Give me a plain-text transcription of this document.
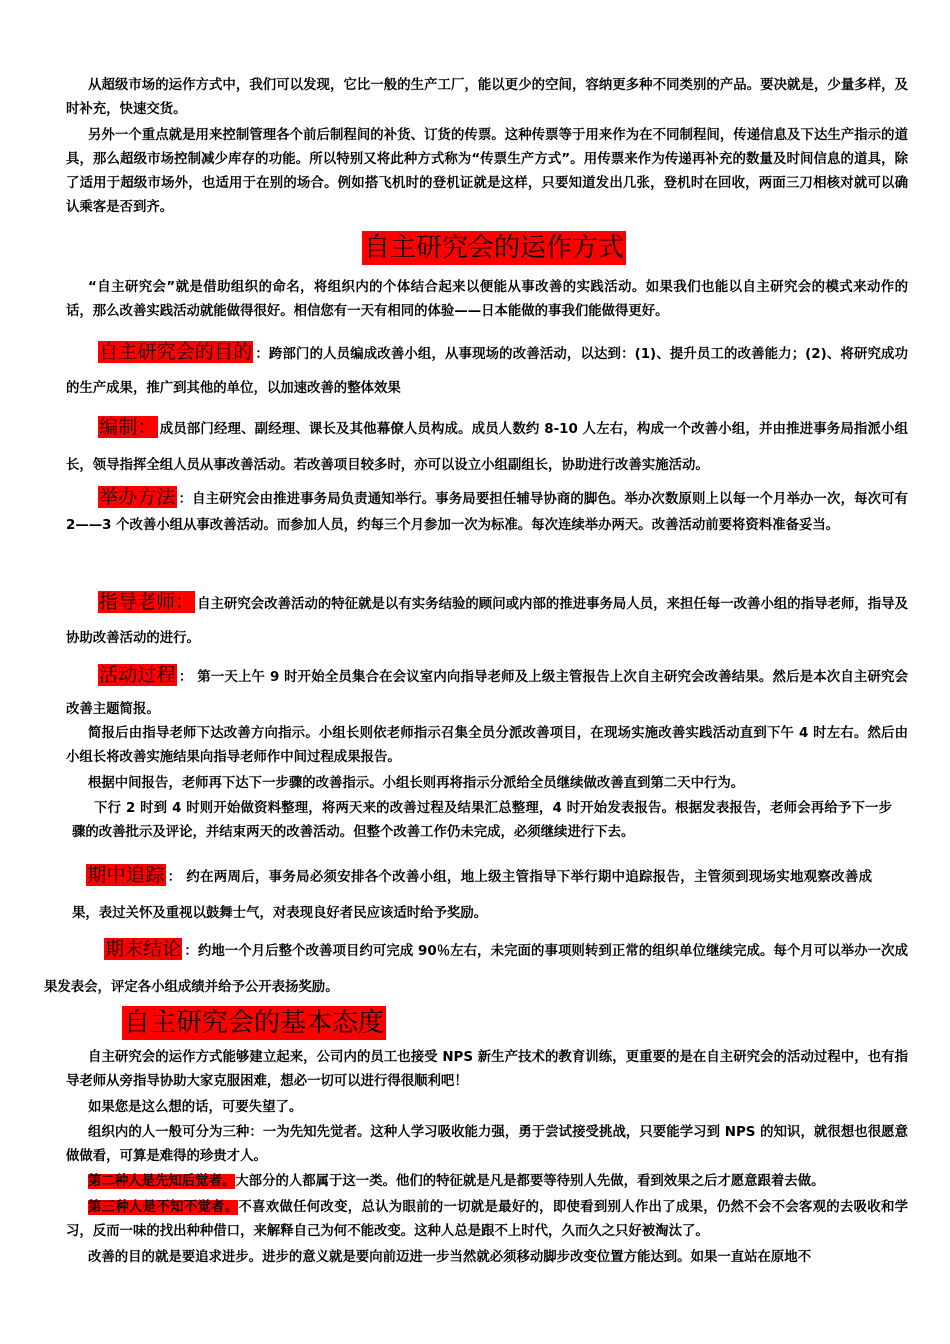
从超级市场的运作方式中，我们可以发现，它比一般的生产工厂，能以更少的空间，容纳更多种不同类别的产品。要决就是，少量多样，及时补充，快速交货。

另外一个重点就是用来控制管理各个前后制程间的补货、订货的传票。这种传票等于用来作为在不同制程间，传递信息及下达生产指示的道具，那么超级市场控制减少库存的功能。所以特别又将此种方式称为“传票生产方式”。用传票来作为传递再补充的数量及时间信息的道具，除了适用于超级市场外，也适用于在别的场合。例如搭飞机时的登机证就是这样，只要知道发出几张，登机时在回收，两面三刀相核对就可以确认乘客是否到齐。

自主研究会的运作方式

“自主研究会”就是借助组织的命名，将组织内的个体结合起来以便能从事改善的实践活动。如果我们也能以自主研究会的模式来动作的话，那么改善实践活动就能做得很好。相信您有一天有相同的体验——日本能做的事我们能做得更好。

自主研究会的目的 ：跨部门的人员编成改善小组，从事现场的改善活动，以达到：(1)、提升员工的改善能力；(2)、将研究成功的生产成果，推广到其他的单位，以加速改善的整体效果

编制： 成员部门经理、副经理、课长及其他幕僚人员构成。成员人数约 8-10 人左右，构成一个改善小组，并由推进事务局指派小组长，领导指挥全组人员从事改善活动。若改善项目较多时，亦可以设立小组副组长，协助进行改善实施活动。

举办方法 ：自主研究会由推进事务局负责通知举行。事务局要担任辅导协商的脚色。举办次数原则上以每一个月举办一次，每次可有 2——3 个改善小组从事改善活动。而参加人员，约每三个月参加一次为标准。每次连续举办两天。改善活动前要将资料准备妥当。

指导老师： 自主研究会改善活动的特征就是以有实务结验的顾问或内部的推进事务局人员，来担任每一改善小组的指导老师，指导及协助改善活动的进行。

活动过程 ： 第一天上午 9 时开始全员集合在会议室内向指导老师及上级主管报告上次自主研究会改善结果。然后是本次自主研究会改善主题简报。

简报后由指导老师下达改善方向指示。小组长则依老师指示召集全员分派改善项目，在现场实施改善实践活动直到下午 4 时左右。然后由小组长将改善实施结果向指导老师作中间过程成果报告。

根据中间报告，老师再下达下一步骤的改善指示。小组长则再将指示分派给全员继续做改善直到第二天中行为。

下行 2 时到 4 时则开始做资料整理，将两天来的改善过程及结果汇总整理，4 时开始发表报告。根据发表报告，老师会再给予下一步骤的改善批示及评论，并结束两天的改善活动。但整个改善工作仍未完成，必须继续进行下去。

期中追踪 ： 约在两周后，事务局必须安排各个改善小组，地上级主管指导下举行期中追踪报告，主管须到现场实地观察改善成果，表过关怀及重视以鼓舞士气，对表现良好者民应该适时给予奖励。

期末结论 ：约地一个月后整个改善项目约可完成 90％左右，未完面的事项则转到正常的组织单位继续完成。每个月可以举办一次成果发表会，评定各小组成绩并给予公开表扬奖励。

自主研究会的基本态度

自主研究会的运作方式能够建立起来，公司内的员工也接受 NPS 新生产技术的教育训练，更重要的是在自主研究会的活动过程中，也有指导老师从旁指导协助大家克服困难，想必一切可以进行得很顺利吧！

如果您是这么想的话，可要失望了。

组织内的人一般可分为三种：一为先知先觉者。这种人学习吸收能力强，勇于尝试接受挑战，只要能学习到 NPS 的知识，就很想也很愿意做做看，可算是难得的珍贵才人。

第二种人是先知后觉者。大部分的人都属于这一类。他们的特征就是凡是都要等待别人先做，看到效果之后才愿意跟着去做。

第三种人是不知不觉者。不喜欢做任何改变，总认为眼前的一切就是最好的，即使看到别人作出了成果，仍然不会不会客观的去吸收和学习，反而一味的找出种种借口，来解释自己为何不能改变。这种人总是跟不上时代，久而久之只好被淘汰了。

改善的目的就是要追求进步。进步的意义就是要向前迈进一步当然就必须移动脚步改变位置方能达到。如果一直站在原地不
